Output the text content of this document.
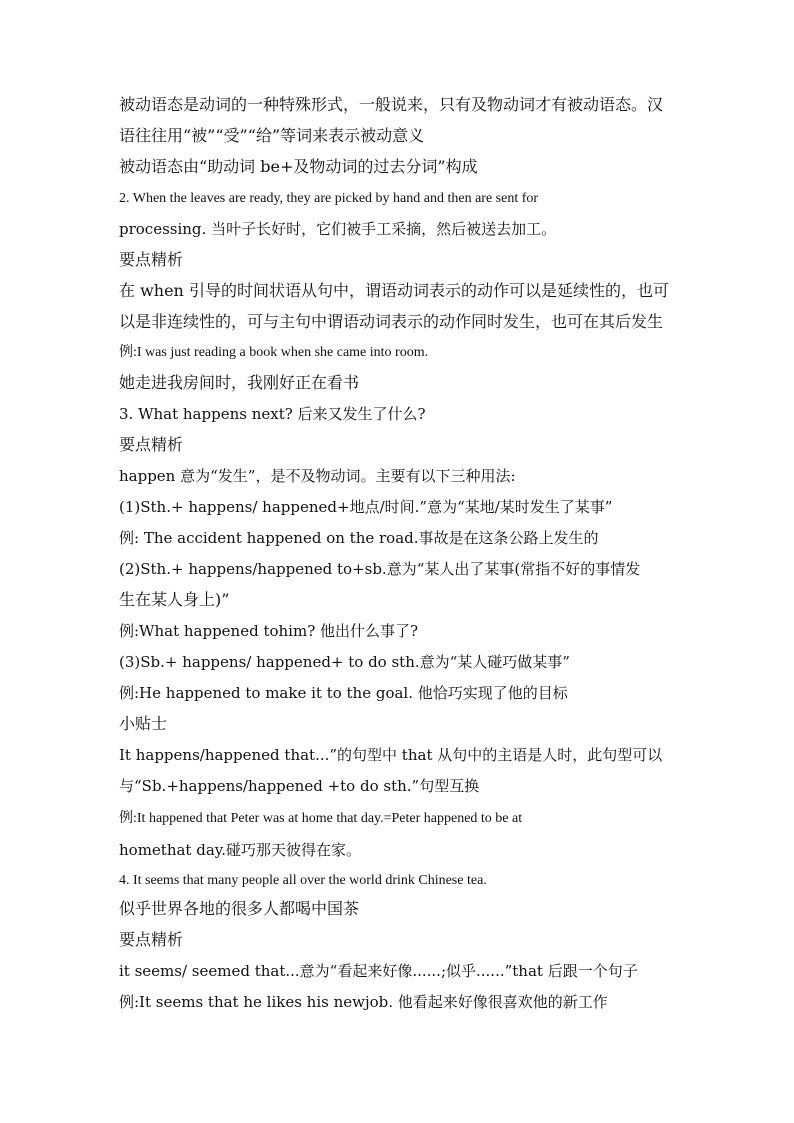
被动语态是动词的一种特殊形式，一般说来，只有及物动词才有被动语态。汉
语往往用“被”“受”“给”等词来表示被动意义
被动语态由“助动词 be+及物动词的过去分词”构成
2. When the leaves are ready, they are picked by hand and then are sent for
processing. 当叶子长好时，它们被手工采摘，然后被送去加工。
要点精析
在 when 引导的时间状语从句中，谓语动词表示的动作可以是延续性的，也可
以是非连续性的，可与主句中谓语动词表示的动作同时发生，也可在其后发生
例:I was just reading a book when she came into room.
她走进我房间时，我刚好正在看书
3. What happens next? 后来又发生了什么?
要点精析
happen 意为“发生”，是不及物动词。主要有以下三种用法:
(1)Sth.+ happens/ happened+地点/时间.”意为“某地/某时发生了某事”
例: The accident happened on the road.事故是在这条公路上发生的
(2)Sth.+ happens/happened to+sb.意为“某人出了某事(常指不好的事情发
生在某人身上)”
例:What happened tohim? 他出什么事了?
(3)Sb.+ happens/ happened+ to do sth.意为“某人碰巧做某事”
例:He happened to make it to the goal. 他恰巧实现了他的目标
小贴士
It happens/happened that...”的句型中 that 从句中的主语是人时，此句型可以
与“Sb.+happens/happened +to do sth.”句型互换
例:It happened that Peter was at home that day.=Peter happened to be at
homethat day.碰巧那天彼得在家。
4. It seems that many people all over the world drink Chinese tea.
似乎世界各地的很多人都喝中国茶
要点精析
it seems/ seemed that...意为“看起来好像......;似乎......”that 后跟一个句子
例:It seems that he likes his newjob. 他看起来好像很喜欢他的新工作
